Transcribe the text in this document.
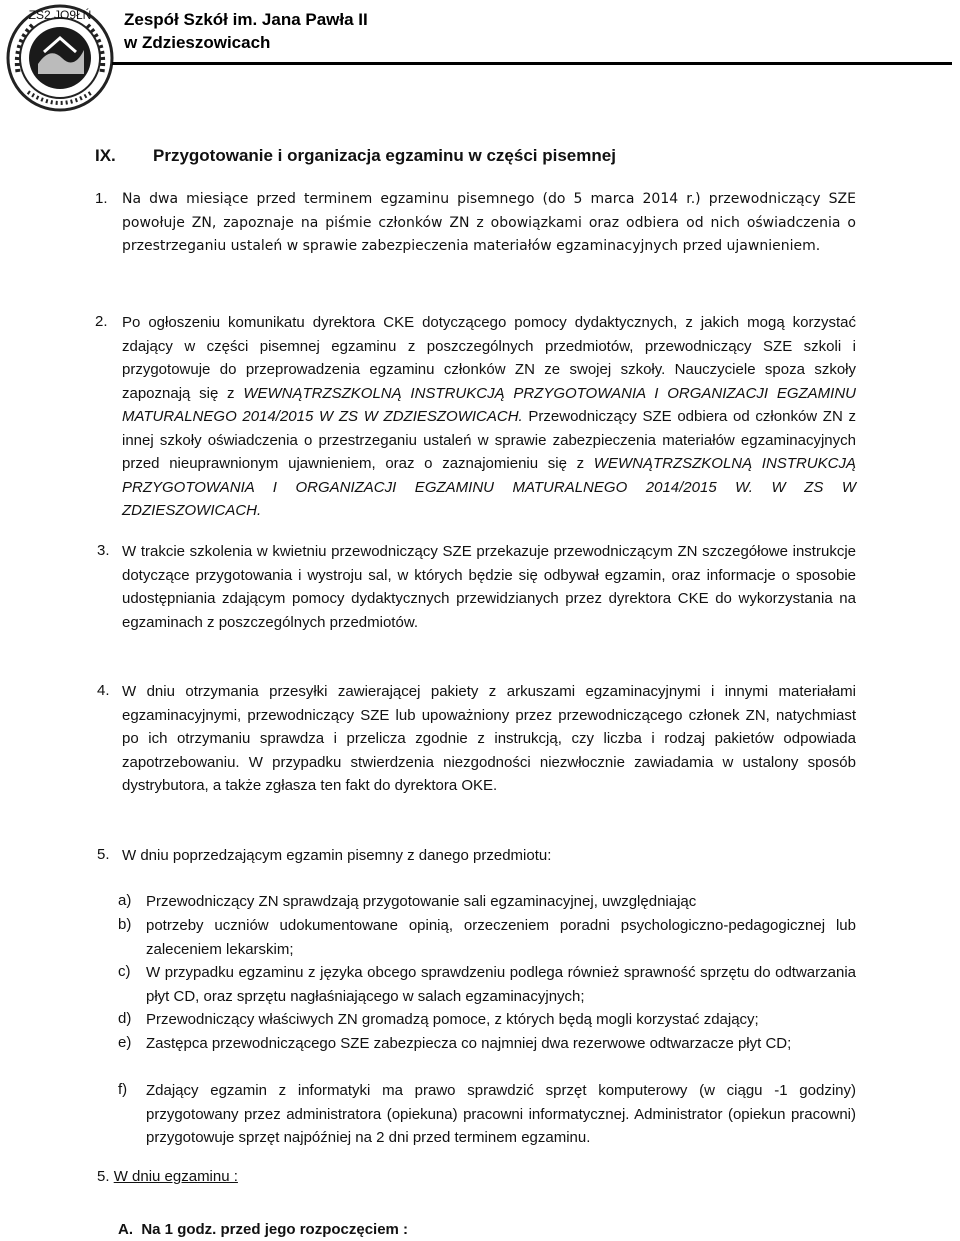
ZS2 JO9ŁŃ Zespół Szkół im. Jana Pawła II
w Zdzieszowicach
IX. Przygotowanie i organizacja egzaminu w części pisemnej
1. Na dwa miesiące przed terminem egzaminu pisemnego (do 5 marca 2014 r.) przewodniczący SZE powołuje ZN, zapoznaje na piśmie członków ZN z obowiązkami oraz odbiera od nich oświadczenia o przestrzeganiu ustaleń w sprawie zabezpieczenia materiałów egzaminacyjnych przed ujawnieniem.
2. Po ogłoszeniu komunikatu dyrektora CKE dotyczącego pomocy dydaktycznych, z jakich mogą korzystać zdający w części pisemnej egzaminu z poszczególnych przedmiotów, przewodniczący SZE szkoli i przygotowuje do przeprowadzenia egzaminu członków ZN ze swojej szkoły. Nauczyciele spoza szkoły zapoznają się z WEWNĄTRZSZKOLNĄ INSTRUKCJĄ PRZYGOTOWANIA I ORGANIZACJI EGZAMINU MATURALNEGO 2014/2015 W ZS W ZDZIESZOWICACH. Przewodniczący SZE odbiera od członków ZN z innej szkoły oświadczenia o przestrzeganiu ustaleń w sprawie zabezpieczenia materiałów egzaminacyjnych przed nieuprawnionym ujawnieniem, oraz o zaznajomieniu się z WEWNĄTRZSZKOLNĄ INSTRUKCJĄ PRZYGOTOWANIA I ORGANIZACJI EGZAMINU MATURALNEGO 2014/2015 W. W ZS W ZDZIESZOWICACH.
3. W trakcie szkolenia w kwietniu przewodniczący SZE przekazuje przewodniczącym ZN szczegółowe instrukcje dotyczące przygotowania i wystroju sal, w których będzie się odbywał egzamin, oraz informacje o sposobie udostępniania zdającym pomocy dydaktycznych przewidzianych przez dyrektora CKE do wykorzystania na egzaminach z poszczególnych przedmiotów.
4. W dniu otrzymania przesyłki zawierającej pakiety z arkuszami egzaminacyjnymi i innymi materiałami egzaminacyjnymi, przewodniczący SZE lub upoważniony przez przewodniczącego członek ZN, natychmiast po ich otrzymaniu sprawdza i przelicza zgodnie z instrukcją, czy liczba i rodzaj pakietów odpowiada zapotrzebowaniu. W przypadku stwierdzenia niezgodności niezwłocznie zawiadamia w ustalony sposób dystrybutora, a także zgłasza ten fakt do dyrektora OKE.
5. W dniu poprzedzającym egzamin pisemny z danego przedmiotu:
a) Przewodniczący ZN sprawdzają przygotowanie sali egzaminacyjnej, uwzględniając
b) potrzeby uczniów udokumentowane opinią, orzeczeniem poradni psychologiczno-pedagogicznej lub zaleceniem lekarskim;
c) W przypadku egzaminu z języka obcego sprawdzeniu podlega również sprawność sprzętu do odtwarzania płyt CD, oraz sprzętu nagłaśniającego w salach egzaminacyjnych;
d) Przewodniczący właściwych ZN gromadzą pomoce, z których będą mogli korzystać zdający;
e) Zastępca przewodniczącego SZE zabezpiecza co najmniej dwa rezerwowe odtwarzacze płyt CD;
f) Zdający egzamin z informatyki ma prawo sprawdzić sprzęt komputerowy (w ciągu -1 godziny) przygotowany przez administratora (opiekuna) pracowni informatycznej. Administrator (opiekun pracowni) przygotowuje sprzęt najpóźniej na 2 dni przed terminem egzaminu.
5. W dniu egzaminu :
A. Na 1 godz. przed jego rozpoczęciem :
